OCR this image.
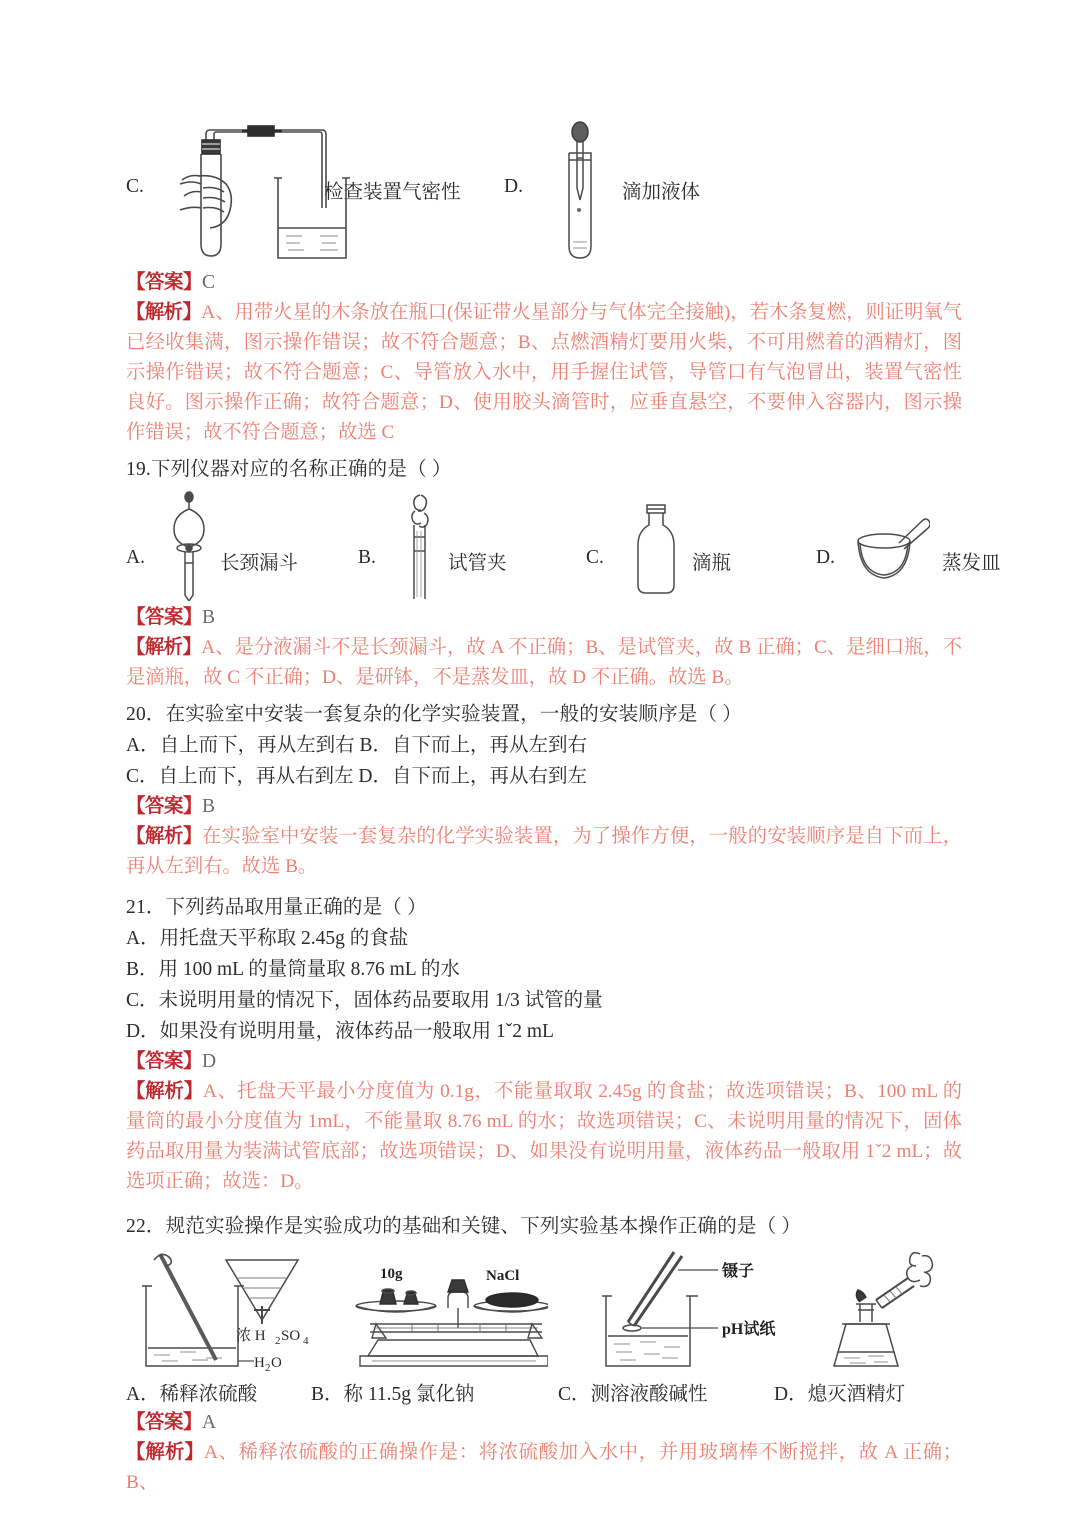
C.	检查装置气密性 D.	滴加液体
【答案】C
【解析】A、用带火星的木条放在瓶口(保证带火星部分与气体完全接触)，若木条复燃，则证明氧气已经收集满，图示操作错误；故不符合题意；B、点燃酒精灯要用火柴，不可用燃着的酒精灯，图示操作错误；故不符合题意；C、导管放入水中，用手握住试管，导管口有气泡冒出，装置气密性良好。图示操作正确；故符合题意；D、使用胶头滴管时，应垂直悬空，不要伸入容器内，图示操作错误；故不符合题意；故选 C
19.下列仪器对应的名称正确的是（ ）
A.	长颈漏斗	B.	试管夹	C.	滴瓶	D.	蒸发皿
【答案】B
【解析】A、是分液漏斗不是长颈漏斗，故 A 不正确；B、是试管夹，故 B 正确；C、是细口瓶，不是滴瓶，故 C 不正确；D、是研钵，不是蒸发皿，故 D 不正确。故选 B。
20．在实验室中安装一套复杂的化学实验装置，一般的安装顺序是（ ）
A．自上而下，再从左到右 B．自下而上，再从左到右
C．自上而下，再从右到左 D．自下而上，再从右到左
【答案】B
【解析】在实验室中安装一套复杂的化学实验装置，为了操作方便，一般的安装顺序是自下而上，再从左到右。故选 B。
21．下列药品取用量正确的是（ ）
A．用托盘天平称取 2.45g 的食盐
B．用 100 mL 的量筒量取 8.76 mL 的水
C．未说明用量的情况下，固体药品要取用 1/3 试管的量
D．如果没有说明用量，液体药品一般取用 1ˇ2 mL
【答案】D
【解析】A、托盘天平最小分度值为 0.1g，不能量取取 2.45g 的食盐；故选项错误；B、100 mL 的量筒的最小分度值为 1mL，不能量取 8.76 mL 的水；故选项错误；C、未说明用量的情况下，固体药品取用量为装满试管底部；故选项错误；D、如果没有说明用量，液体药品一般取用 1ˇ2 mL；故选项正确；故选：D。
22．规范实验操作是实验成功的基础和关键、下列实验基本操作正确的是（ ）
浓 H 2 SO 4
H 2 O
10g	NaCl	镊子
pH试纸
A．稀释浓硫酸	B．称 11.5g 氯化钠	C．测溶液酸碱性	D．熄灭酒精灯
【答案】A
【解析】A、稀释浓硫酸的正确操作是：将浓硫酸加入水中，并用玻璃棒不断搅拌，故 A 正确；B、
